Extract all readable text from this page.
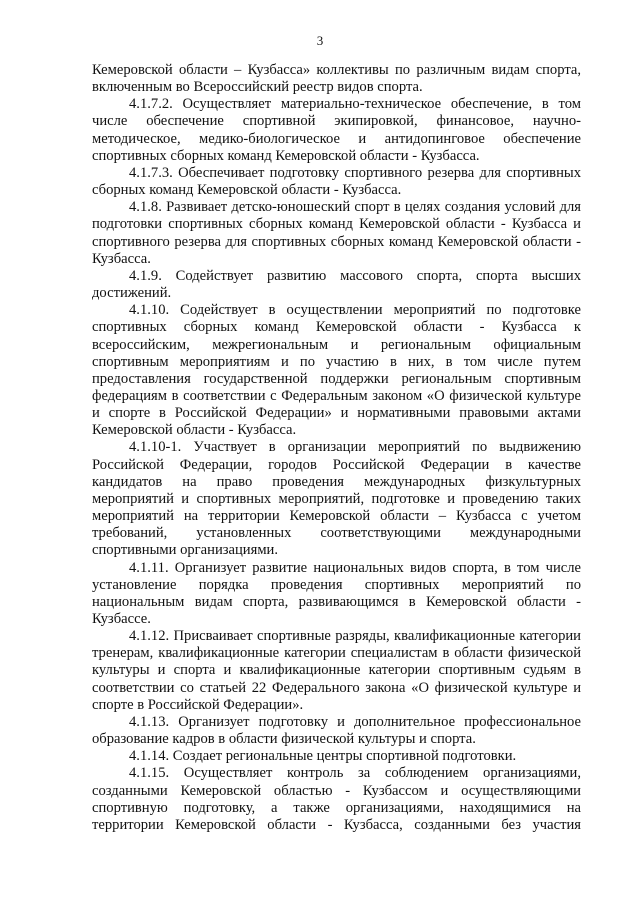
3

Кемеровской области – Кузбасса» коллективы по различным видам спорта, включенным во Всероссийский реестр видов спорта.

4.1.7.2. Осуществляет материально-техническое обеспечение, в том числе обеспечение спортивной экипировкой, финансовое, научно-методическое, медико-биологическое и антидопинговое обеспечение спортивных сборных команд Кемеровской области - Кузбасса.

4.1.7.3. Обеспечивает подготовку спортивного резерва для спортивных сборных команд Кемеровской области - Кузбасса.

4.1.8. Развивает детско-юношеский спорт в целях создания условий для подготовки спортивных сборных команд Кемеровской области - Кузбасса и спортивного резерва для спортивных сборных команд Кемеровской области - Кузбасса.

4.1.9. Содействует развитию массового спорта, спорта высших достижений.

4.1.10. Содействует в осуществлении мероприятий по подготовке спортивных сборных команд Кемеровской области - Кузбасса к всероссийским, межрегиональным и региональным официальным спортивным мероприятиям и по участию в них, в том числе путем предоставления государственной поддержки региональным спортивным федерациям в соответствии с Федеральным законом «О физической культуре и спорте в Российской Федерации» и нормативными правовыми актами Кемеровской области - Кузбасса.

4.1.10-1. Участвует в организации мероприятий по выдвижению Российской Федерации, городов Российской Федерации в качестве кандидатов на право проведения международных физкультурных мероприятий и спортивных мероприятий, подготовке и проведению таких мероприятий на территории Кемеровской области – Кузбасса с учетом требований, установленных соответствующими международными спортивными организациями.

4.1.11. Организует развитие национальных видов спорта, в том числе установление порядка проведения спортивных мероприятий по национальным видам спорта, развивающимся в Кемеровской области - Кузбассе.

4.1.12. Присваивает спортивные разряды, квалификационные категории тренерам, квалификационные категории специалистам в области физической культуры и спорта и квалификационные категории спортивным судьям в соответствии со статьей 22 Федерального закона «О физической культуре и спорте в Российской Федерации».

4.1.13. Организует подготовку и дополнительное профессиональное образование кадров в области физической культуры и спорта.

4.1.14. Создает региональные центры спортивной подготовки.

4.1.15. Осуществляет контроль за соблюдением организациями, созданными Кемеровской областью - Кузбассом и осуществляющими спортивную подготовку, а также организациями, находящимися на территории Кемеровской области - Кузбасса, созданными без участия
